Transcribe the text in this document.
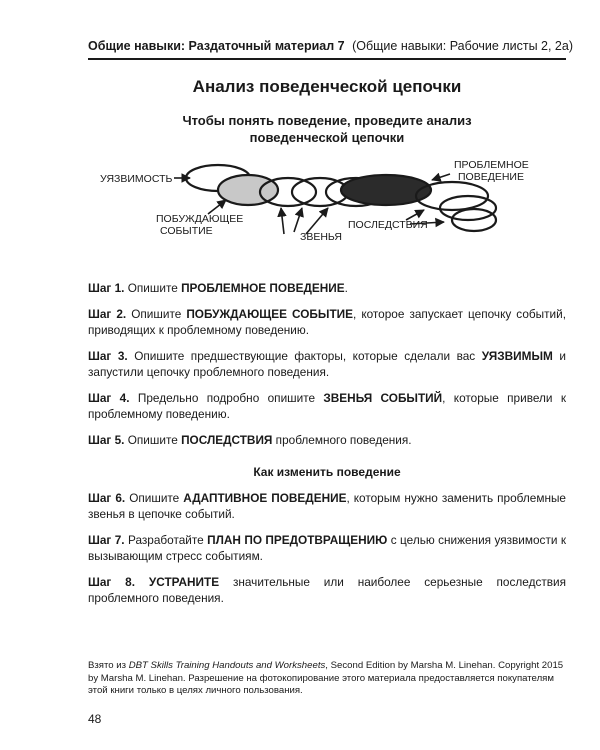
Общие навыки: Раздаточный материал 7 (Общие навыки: Рабочие листы 2, 2а)
Анализ поведенческой цепочки
Чтобы понять поведение, проведите анализ
поведенческой цепочки
УЯЗВИМОСТЬ
ПОБУЖДАЮЩЕЕ
СОБЫТИЕ	ЗВЕНЬЯ
ПОСЛЕДСТВИЯ
ПРОБЛЕМНОЕ
ПОВЕДЕНИЕ
Шаг 1. Опишите ПРОБЛЕМНОЕ ПОВЕДЕНИЕ.
Шаг 2. Опишите ПОБУЖДАЮЩЕЕ СОБЫТИЕ, которое запускает цепочку событий, приводящих к проблемному поведению.
Шаг 3. Опишите предшествующие факторы, которые сделали вас УЯЗВИМЫМ и запустили цепочку проблемного поведения.
Шаг 4. Предельно подробно опишите ЗВЕНЬЯ СОБЫТИЙ, которые привели к проблемному поведению.
Шаг 5. Опишите ПОСЛЕДСТВИЯ проблемного поведения.
Как изменить поведение
Шаг 6. Опишите АДАПТИВНОЕ ПОВЕДЕНИЕ, которым нужно заменить проблемные звенья в цепочке событий.
Шаг 7. Разработайте ПЛАН ПО ПРЕДОТВРАЩЕНИЮ с целью снижения уязвимости к вызывающим стресс событиям.
Шаг 8. УСТРАНИТЕ значительные или наиболее серьезные последствия проблемного поведения.
Взято из DBT Skills Training Handouts and Worksheets, Second Edition by Marsha M. Linehan. Copyright 2015 by Marsha M. Linehan. Разрешение на фотокопирование этого материала предоставляется покупателям этой книги только в целях личного пользования.
48
